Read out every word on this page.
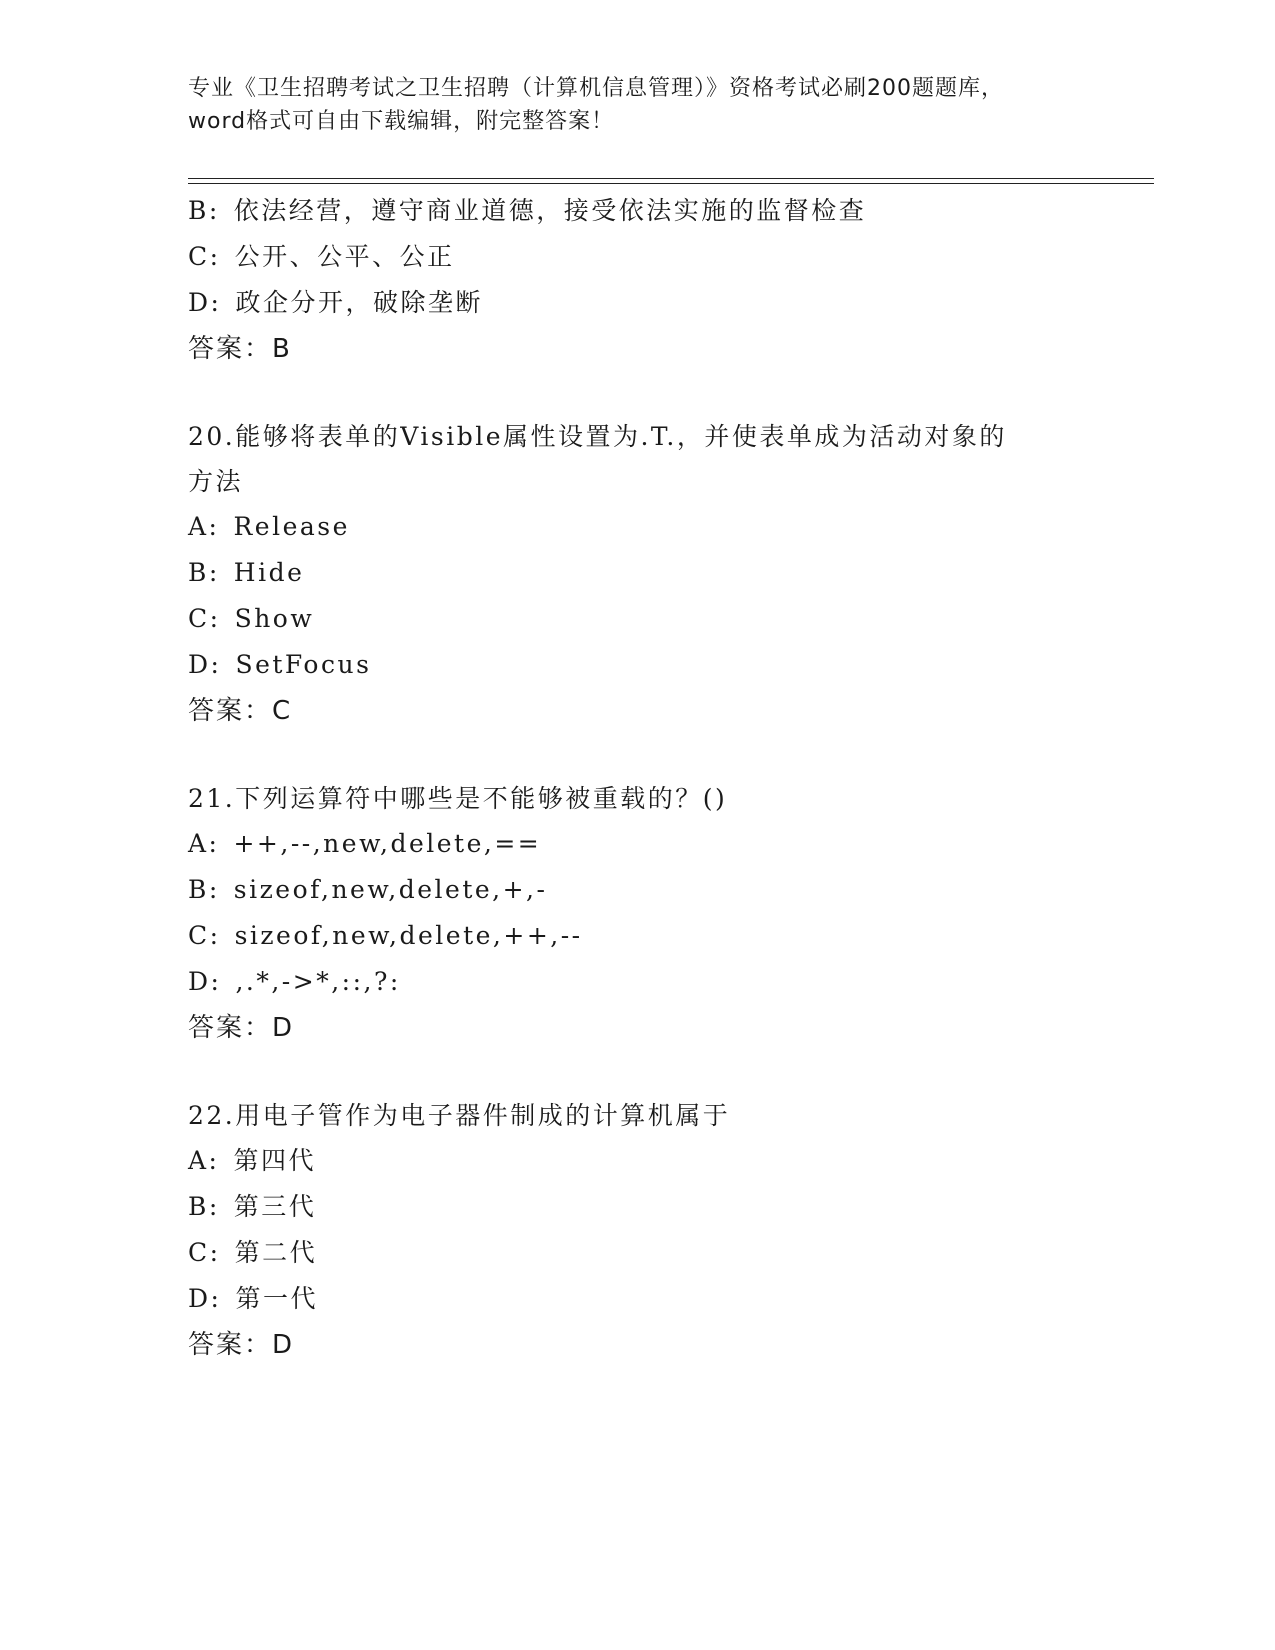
专业《卫生招聘考试之卫生招聘（计算机信息管理）》资格考试必刷200题题库，
word格式可自由下载编辑，附完整答案！
B: 依法经营，遵守商业道德，接受依法实施的监督检查
C: 公开、公平、公正
D: 政企分开，破除垄断
答案：B
20.能够将表单的Visible属性设置为.T.，并使表单成为活动对象的
方法
A: Release
B: Hide
C: Show
D: SetFocus
答案：C
21.下列运算符中哪些是不能够被重载的？()
A: ++,--,new,delete,==
B: sizeof,new,delete,+,-
C: sizeof,new,delete,++,--
D: ,.*,->*,::,?:
答案：D
22.用电子管作为电子器件制成的计算机属于
A: 第四代
B: 第三代
C: 第二代
D: 第一代
答案：D
